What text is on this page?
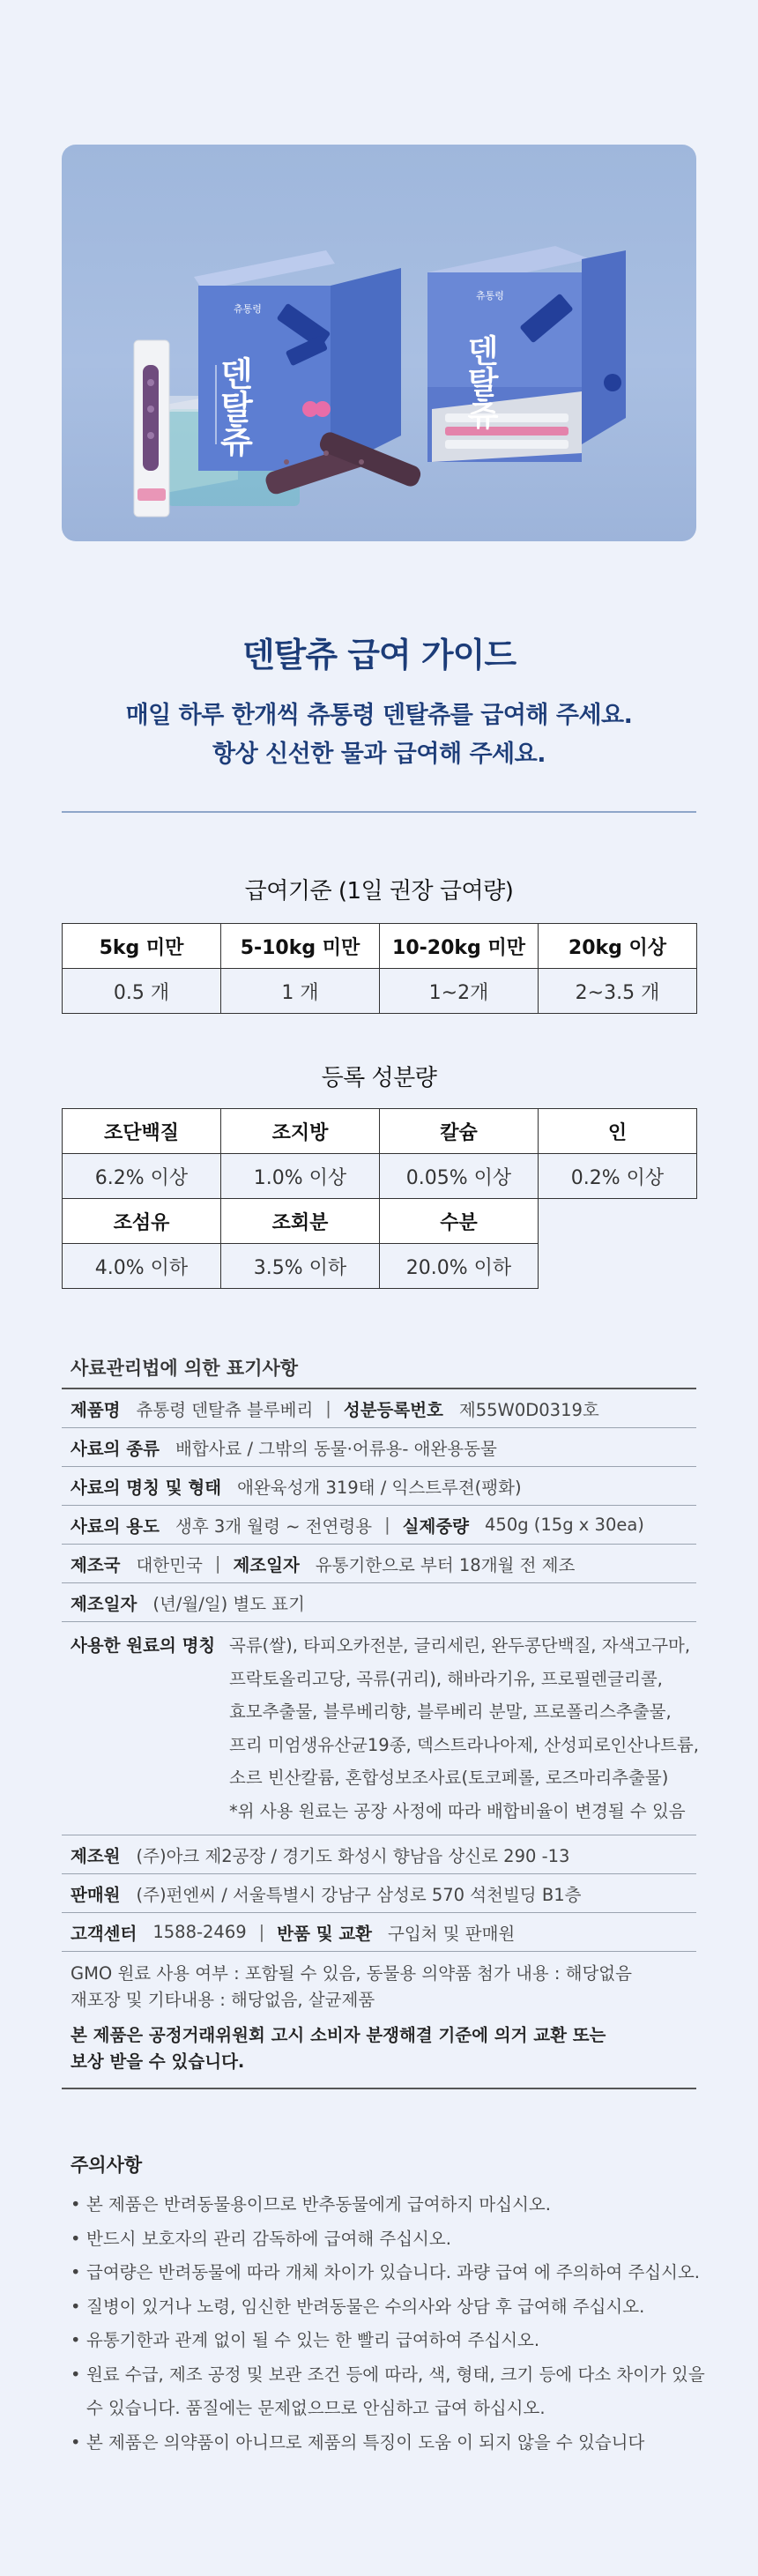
츄통령
덴탈츄
츄통령
덴탈츄
덴탈츄 급여 가이드
매일 하루 한개씩 츄통령 덴탈츄를 급여해 주세요.
항상 신선한 물과 급여해 주세요.
급여기준 (1일 권장 급여량)
5kg 미만	5-10kg 미만	10-20kg 미만	20kg 이상
0.5 개	1 개	1~2개	2~3.5 개
등록 성분량
조단백질	조지방	칼슘	인
6.2% 이상	1.0% 이상	0.05% 이상	0.2% 이상
조섬유	조회분	수분	
4.0% 이하	3.5% 이하	20.0% 이하	
사료관리법에 의한 표기사항
제품명 츄통령 덴탈츄 블루베리 | 성분등록번호 제55W0D0319호
사료의 종류 배합사료 / 그밖의 동물·어류용- 애완용동물
사료의 명칭 및 형태 애완육성개 319태 / 익스트루젼(팽화)
사료의 용도 생후 3개 월령 ~ 전연령용 | 실제중량 450g (15g x 30ea)
제조국 대한민국 | 제조일자 유통기한으로 부터 18개월 전 제조
제조일자 (년/월/일) 별도 표기
사용한 원료의 명칭 곡류(쌀), 타피오카전분, 글리세린, 완두콩단백질, 자색고구마,
프락토올리고당, 곡류(귀리), 해바라기유, 프로필렌글리콜,
효모추출물, 블루베리향, 블루베리 분말, 프로폴리스추출물,
프리 미엄생유산균19종, 덱스트라나아제, 산성피로인산나트륨,
소르 빈산칼륨, 혼합성보조사료(토코페롤, 로즈마리추출물)
*위 사용 원료는 공장 사정에 따라 배합비율이 변경될 수 있음
제조원 (주)아크 제2공장 / 경기도 화성시 향남읍 상신로 290 -13
판매원 (주)펀엔씨 / 서울특별시 강남구 삼성로 570 석천빌딩 B1층
고객센터 1588-2469 | 반품 및 교환 구입처 및 판매원
GMO 원료 사용 여부 : 포함될 수 있음, 동물용 의약품 첨가 내용 : 해당없음
재포장 및 기타내용 : 해당없음, 살균제품
본 제품은 공정거래위원회 고시 소비자 분쟁해결 기준에 의거 교환 또는
보상 받을 수 있습니다.
주의사항
• 본 제품은 반려동물용이므로 반추동물에게 급여하지 마십시오.
• 반드시 보호자의 관리 감독하에 급여해 주십시오.
• 급여량은 반려동물에 따라 개체 차이가 있습니다. 과량 급여 에 주의하여 주십시오.
• 질병이 있거나 노령, 임신한 반려동물은 수의사와 상담 후 급여해 주십시오.
• 유통기한과 관계 없이 될 수 있는 한 빨리 급여하여 주십시오.
• 원료 수급, 제조 공정 및 보관 조건 등에 따라, 색, 형태, 크기 등에 다소 차이가 있을 수 있습니다. 품질에는 문제없으므로 안심하고 급여 하십시오.
• 본 제품은 의약품이 아니므로 제품의 특징이 도움 이 되지 않을 수 있습니다
